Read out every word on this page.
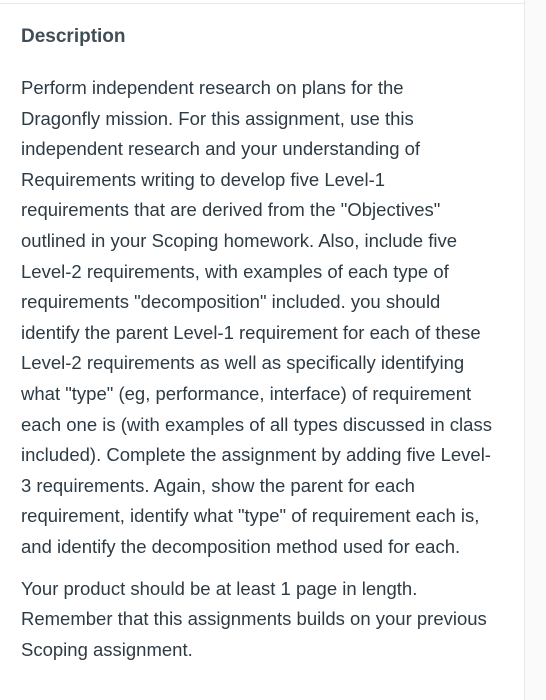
Description

Perform independent research on plans for the
Dragonfly mission. For this assignment, use this
independent research and your understanding of
Requirements writing to develop five Level-1
requirements that are derived from the "Objectives"
outlined in your Scoping homework. Also, include five
Level-2 requirements, with examples of each type of
requirements "decomposition" included. you should
identify the parent Level-1 requirement for each of these
Level-2 requirements as well as specifically identifying
what "type" (eg, performance, interface) of requirement
each one is (with examples of all types discussed in class
included). Complete the assignment by adding five Level-
3 requirements. Again, show the parent for each
requirement, identify what "type" of requirement each is,
and identify the decomposition method used for each.

Your product should be at least 1 page in length.
Remember that this assignments builds on your previous
Scoping assignment.
